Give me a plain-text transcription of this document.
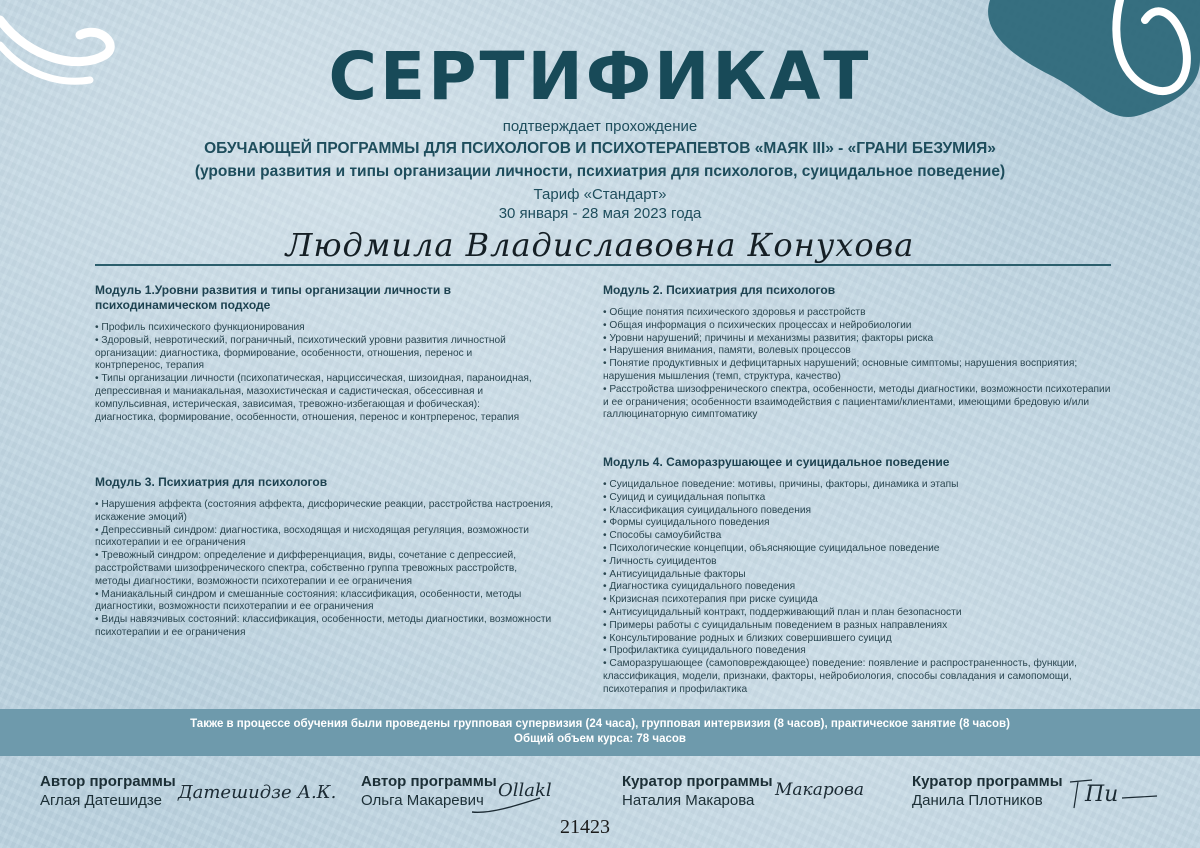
СЕРТИФИКАТ
подтверждает прохождение
ОБУЧАЮЩЕЙ ПРОГРАММЫ ДЛЯ ПСИХОЛОГОВ И ПСИХОТЕРАПЕВТОВ «МАЯК III» - «ГРАНИ БЕЗУМИЯ»
(уровни развития и типы организации личности, психиатрия для психологов, суицидальное поведение)
Тариф «Стандарт»
30 января - 28 мая 2023 года
Людмила Владиславовна Конухова
Модуль 1.Уровни развития и типы организации личности в психодинамическом подходе
• Профиль психического функционирования
• Здоровый, невротический, пограничный, психотический уровни развития личностной организации: диагностика, формирование, особенности, отношения, перенос и контрперенос, терапия
• Типы организации личности (психопатическая, нарциссическая, шизоидная, параноидная, депрессивная и маниакальная, мазохистическая и садистическая, обсессивная и компульсивная, истерическая, зависимая, тревожно-избегающая и фобическая): диагностика, формирование, особенности, отношения, перенос и контрперенос, терапия
Модуль 2. Психиатрия для психологов
• Общие понятия психического здоровья и расстройств
• Общая информация о психических процессах и нейробиологии
• Уровни нарушений; причины и механизмы развития; факторы риска
• Нарушения внимания, памяти, волевых процессов
• Понятие продуктивных и дефицитарных нарушений; основные симптомы; нарушения восприятия; нарушения мышления (темп, структура, качество)
• Расстройства шизофренического спектра, особенности, методы диагностики, возможности психотерапии и ее ограничения; особенности взаимодействия с пациентами/клиентами, имеющими бредовую и/или галлюцинаторную симптоматику
Модуль 3. Психиатрия для психологов
• Нарушения аффекта (состояния аффекта, дисфорические реакции, расстройства настроения, искажение эмоций)
• Депрессивный синдром: диагностика, восходящая и нисходящая регуляция, возможности психотерапии и ее ограничения
• Тревожный синдром: определение и дифференциация, виды, сочетание с депрессией, расстройствами шизофренического спектра, собственно группа тревожных расстройств, методы диагностики, возможности психотерапии и ее ограничения
• Маниакальный синдром и смешанные состояния: классификация, особенности, методы диагностики, возможности психотерапии и ее ограничения
• Виды навязчивых состояний: классификация, особенности, методы диагностики, возможности психотерапии и ее ограничения
Модуль 4. Саморазрушающее и суицидальное поведение
• Суицидальное поведение: мотивы, причины, факторы, динамика и этапы
• Суицид и суицидальная попытка
• Классификация суицидального поведения
• Формы суицидального поведения
• Способы самоубийства
• Психологические концепции, объясняющие суицидальное поведение
• Личность суицидентов
• Антисуицидальные факторы
• Диагностика суицидального поведения
• Кризисная психотерапия при риске суицида
• Антисуицидальный контракт, поддерживающий план и план безопасности
• Примеры работы с суицидальным поведением в разных направлениях
• Консультирование родных и близких совершившего суицид
• Профилактика суицидального поведения
• Саморазрушающее (самоповреждающее) поведение: появление и распространенность, функции, классификация, модели, признаки, факторы, нейробиология, способы совладания и самопомощи, психотерапия и профилактика
Также в процессе обучения были проведены групповая супервизия (24 часа), групповая интервизия (8 часов), практическое занятие (8 часов)
Общий объем курса: 78 часов
Автор программы
Аглая Датешидзе Датешидзе А.К.
Автор программы
Ольга Макаревич Ollakl	Куратор программы
Наталия Макарова
Макарова	Куратор программы
Данила Плотников	Пи
21423
